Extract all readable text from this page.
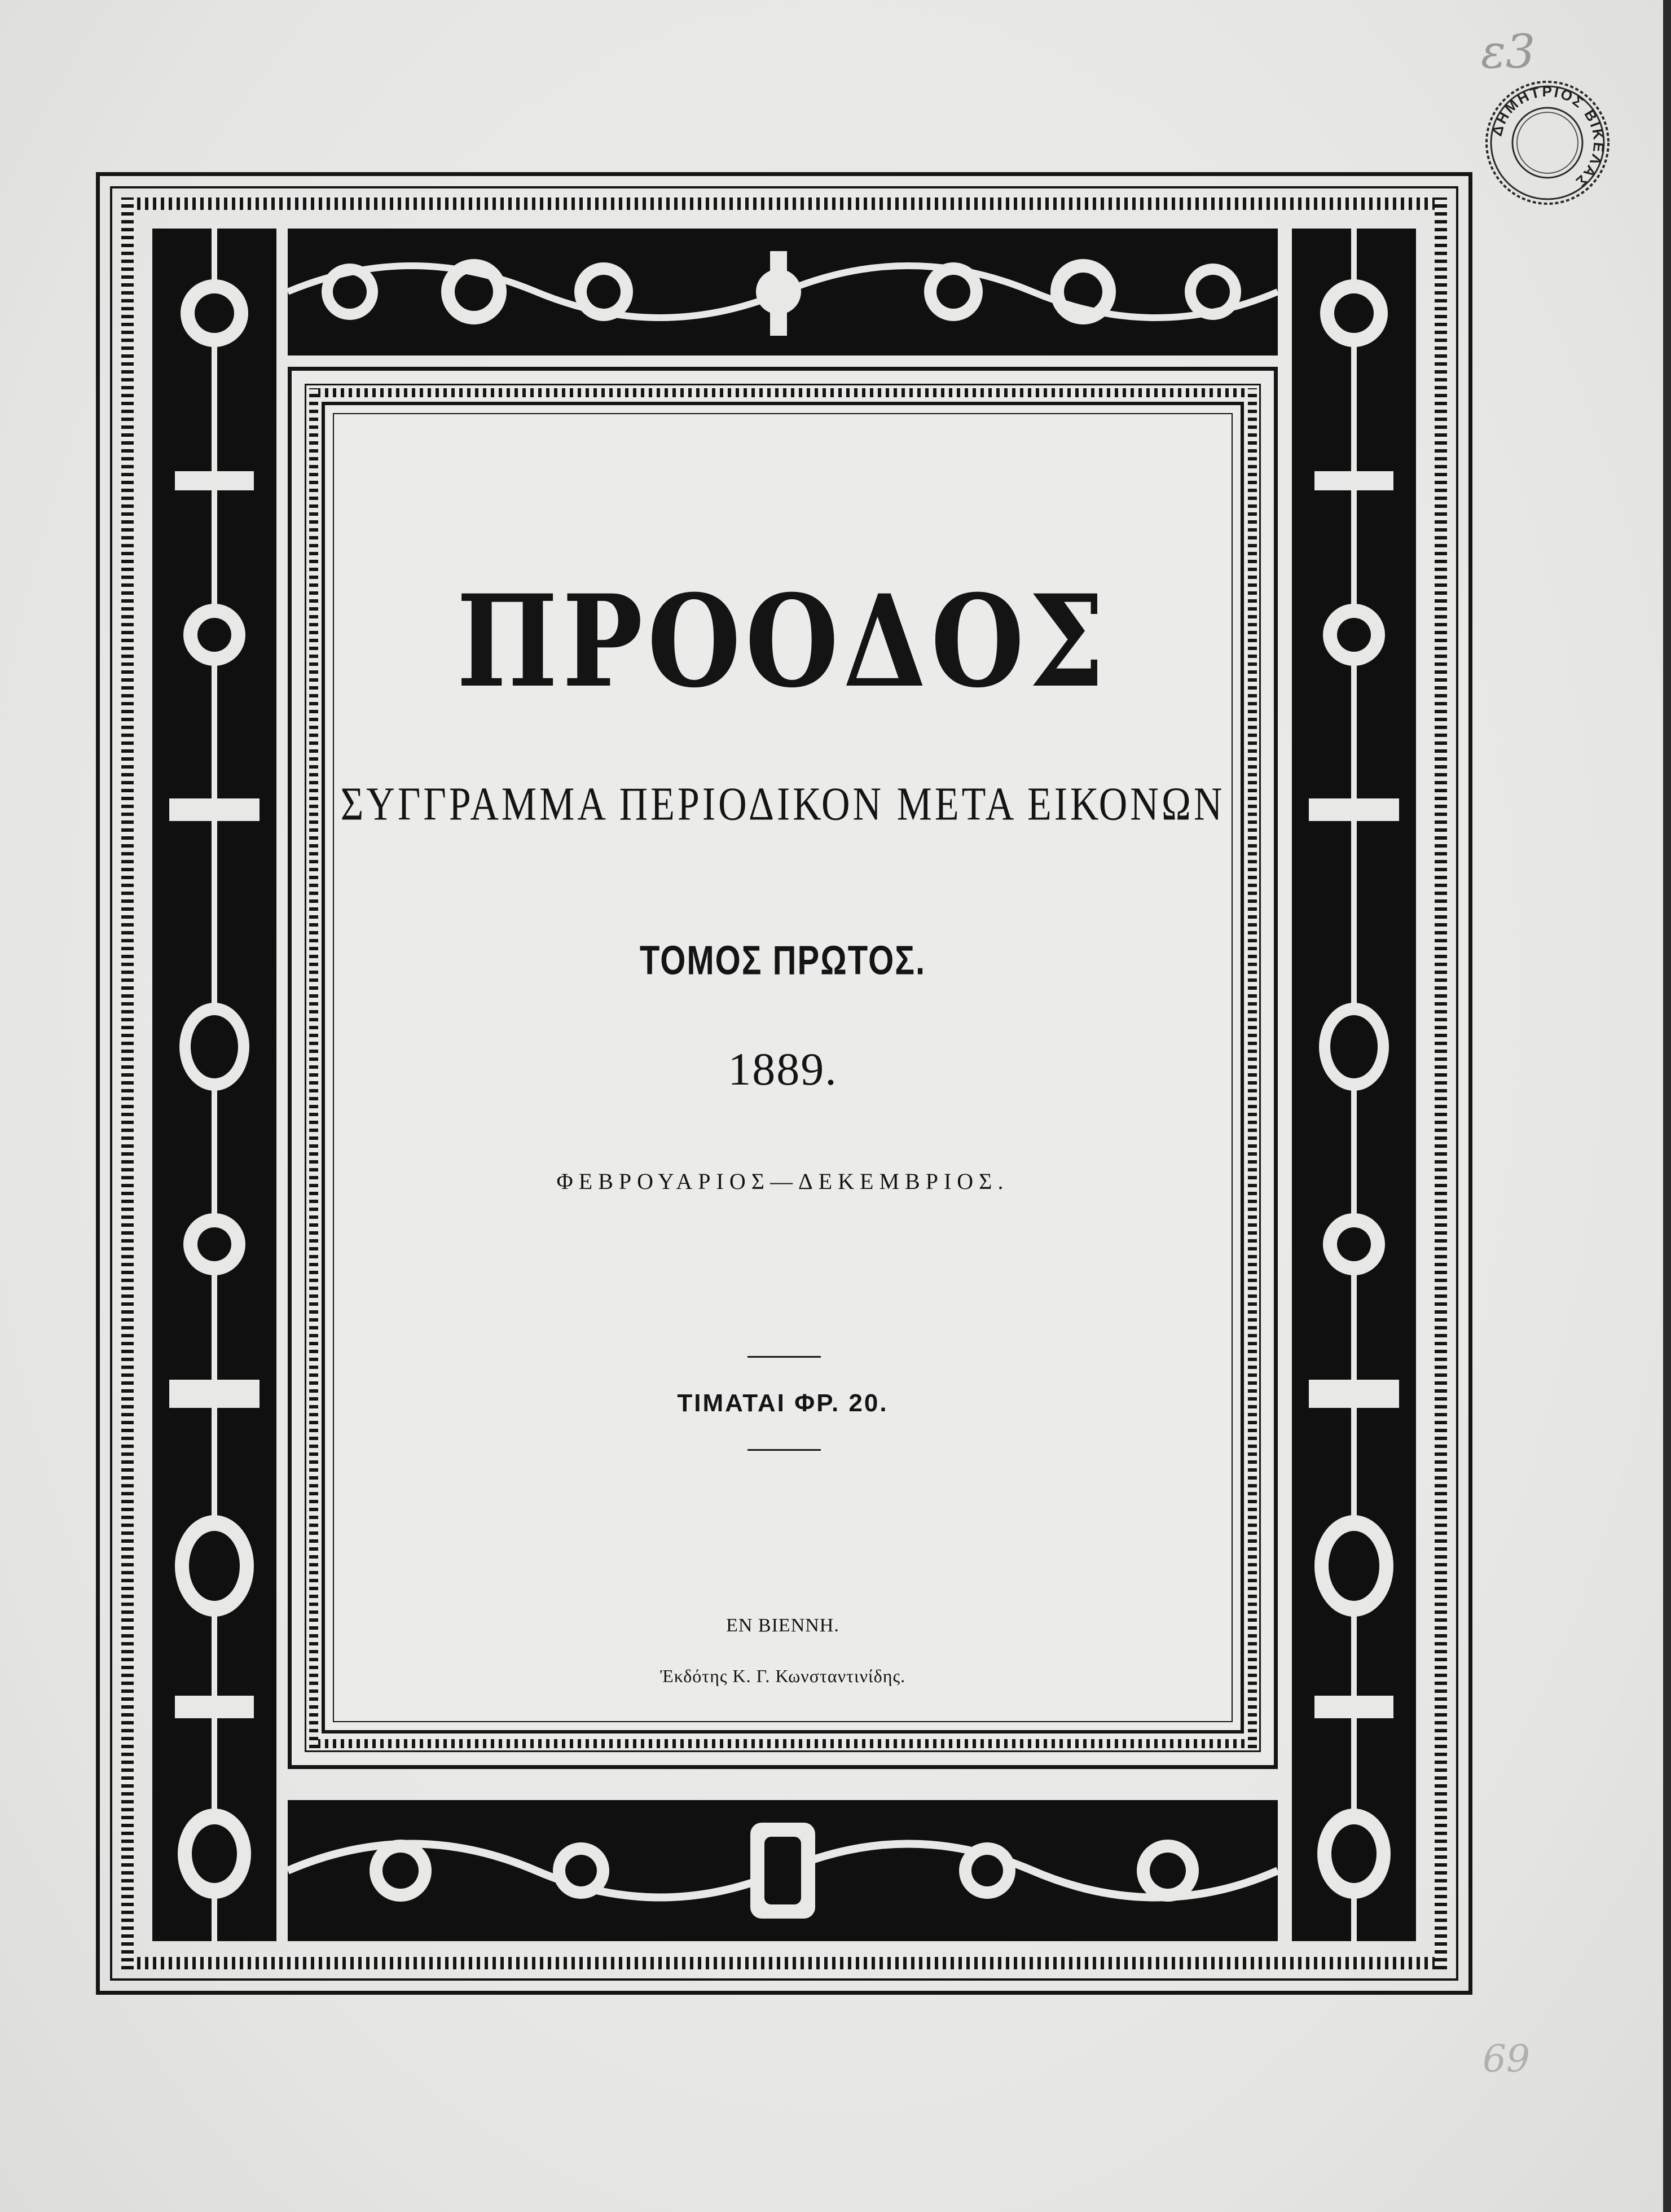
ε3
69
ΔΗΜΗΤΡΙΟΣ ΒΙΚΕΛΑΣ
ΠΡΟΟΔΟΣ
ΣΥΓΓΡΑΜΜΑ ΠΕΡΙΟΔΙΚΟΝ ΜΕΤΑ ΕΙΚΟΝΩΝ
ΤΟΜΟΣ ΠΡΩΤΟΣ.
1889.
ΦΕΒΡΟΥΑΡΙΟΣ—ΔΕΚΕΜΒΡΙΟΣ.
ΤΙΜΑΤΑΙ ΦΡ. 20.
ΕΝ ΒΙΕΝΝΗ.
Ἐκδότης Κ. Γ. Κωνσταντινίδης.
